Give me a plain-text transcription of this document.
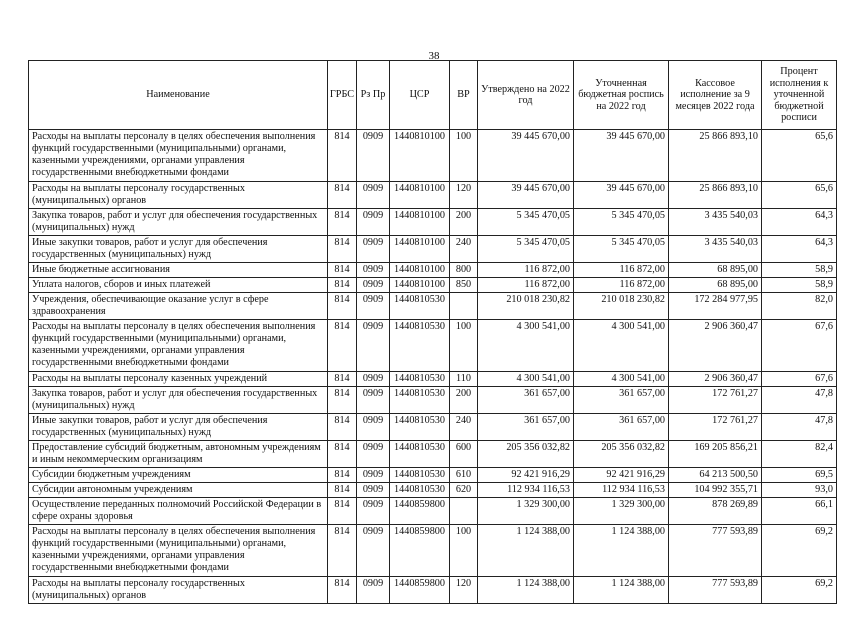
38
Наименование	ГРБС	Рз Пр	ЦСР	ВР	Утверждено на 2022 год	Уточненная бюджетная роспись на 2022 год	Кассовое исполнение за 9 месяцев 2022 года	Процент исполнения к уточненной бюджетной росписи
Расходы на выплаты персоналу в целях обеспечения выполнения функций государственными (муниципальными) органами, казенными учреждениями, органами управления государственными внебюджетными фондами	814	0909	1440810100	100	39 445 670,00	39 445 670,00	25 866 893,10	65,6
Расходы на выплаты персоналу государственных (муниципальных) органов	814	0909	1440810100	120	39 445 670,00	39 445 670,00	25 866 893,10	65,6
Закупка товаров, работ и услуг для обеспечения государственных (муниципальных) нужд	814	0909	1440810100	200	5 345 470,05	5 345 470,05	3 435 540,03	64,3
Иные закупки товаров, работ и услуг для обеспечения государственных (муниципальных) нужд	814	0909	1440810100	240	5 345 470,05	5 345 470,05	3 435 540,03	64,3
Иные бюджетные ассигнования	814	0909	1440810100	800	116 872,00	116 872,00	68 895,00	58,9
Уплата налогов, сборов и иных платежей	814	0909	1440810100	850	116 872,00	116 872,00	68 895,00	58,9
Учреждения, обеспечивающие оказание услуг в сфере здравоохранения	814	0909	1440810530		210 018 230,82	210 018 230,82	172 284 977,95	82,0
Расходы на выплаты персоналу в целях обеспечения выполнения функций государственными (муниципальными) органами, казенными учреждениями, органами управления государственными внебюджетными фондами	814	0909	1440810530	100	4 300 541,00	4 300 541,00	2 906 360,47	67,6
Расходы на выплаты персоналу казенных учреждений	814	0909	1440810530	110	4 300 541,00	4 300 541,00	2 906 360,47	67,6
Закупка товаров, работ и услуг для обеспечения государственных (муниципальных) нужд	814	0909	1440810530	200	361 657,00	361 657,00	172 761,27	47,8
Иные закупки товаров, работ и услуг для обеспечения государственных (муниципальных) нужд	814	0909	1440810530	240	361 657,00	361 657,00	172 761,27	47,8
Предоставление субсидий бюджетным, автономным учреждениям и иным некоммерческим организациям	814	0909	1440810530	600	205 356 032,82	205 356 032,82	169 205 856,21	82,4
Субсидии бюджетным учреждениям	814	0909	1440810530	610	92 421 916,29	92 421 916,29	64 213 500,50	69,5
Субсидии автономным учреждениям	814	0909	1440810530	620	112 934 116,53	112 934 116,53	104 992 355,71	93,0
Осуществление переданных полномочий Российской Федерации в сфере охраны здоровья	814	0909	1440859800		1 329 300,00	1 329 300,00	878 269,89	66,1
Расходы на выплаты персоналу в целях обеспечения выполнения функций государственными (муниципальными) органами, казенными учреждениями, органами управления государственными внебюджетными фондами	814	0909	1440859800	100	1 124 388,00	1 124 388,00	777 593,89	69,2
Расходы на выплаты персоналу государственных (муниципальных) органов	814	0909	1440859800	120	1 124 388,00	1 124 388,00	777 593,89	69,2
